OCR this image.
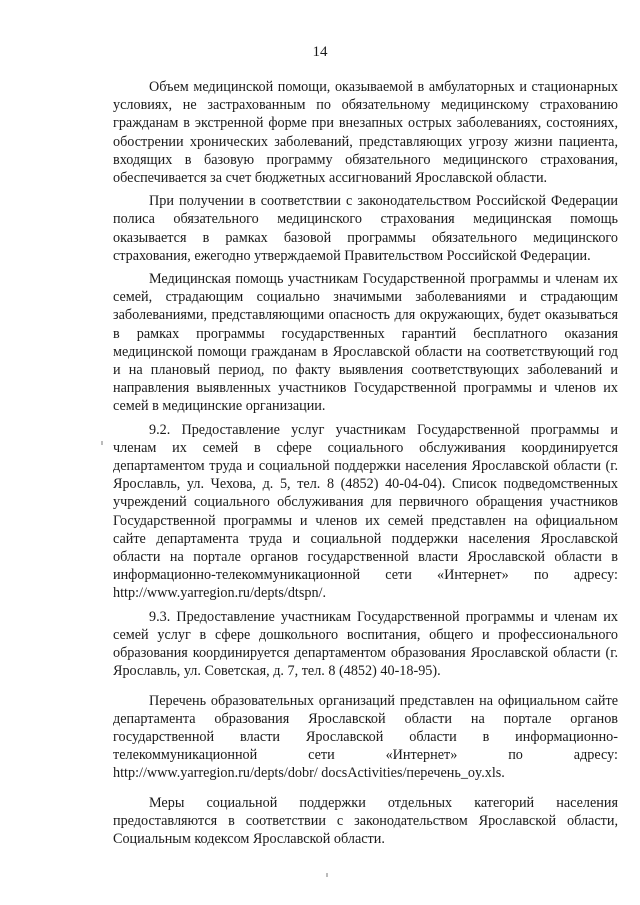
14

Объем медицинской помощи, оказываемой в амбулаторных и стационарных условиях, не застрахованным по обязательному медицинскому страхованию гражданам в экстренной форме при внезапных острых заболеваниях, состояниях, обострении хронических заболеваний, представляющих угрозу жизни пациента, входящих в базовую программу обязательного медицинского страхования, обеспечивается за счет бюджетных ассигнований Ярославской области.

При получении в соответствии с законодательством Российской Федерации полиса обязательного медицинского страхования медицинская помощь оказывается в рамках базовой программы обязательного медицинского страхования, ежегодно утверждаемой Правительством Российской Федерации.

Медицинская помощь участникам Государственной программы и членам их семей, страдающим социально значимыми заболеваниями и страдающим заболеваниями, представляющими опасность для окружающих, будет оказываться в рамках программы государственных гарантий бесплатного оказания медицинской помощи гражданам в Ярославской области на соответствующий год и на плановый период, по факту выявления соответствующих заболеваний и направления выявленных участников Государственной программы и членов их семей в медицинские организации.

9.2. Предоставление услуг участникам Государственной программы и членам их семей в сфере социального обслуживания координируется департаментом труда и социальной поддержки населения Ярославской области (г. Ярославль, ул. Чехова, д. 5, тел. 8 (4852) 40-04-04). Список подведомственных учреждений социального обслуживания для первичного обращения участников Государственной программы и членов их семей представлен на официальном сайте департамента труда и социальной поддержки населения Ярославской области на портале органов государственной власти Ярославской области в информационно-телекоммуникационной сети «Интернет» по адресу: http://www.yarregion.ru/depts/dtspn/.

9.3. Предоставление участникам Государственной программы и членам их семей услуг в сфере дошкольного воспитания, общего и профессионального образования координируется департаментом образования Ярославской области (г. Ярославль, ул. Советская, д. 7, тел. 8 (4852) 40-18-95).

Перечень образовательных организаций представлен на официальном сайте департамента образования Ярославской области на портале органов государственной власти Ярославской области в информационно-телекоммуникационной сети «Интернет» по адресу: http://www.yarregion.ru/depts/dobr/ docsActivities/перечень_oy.xls.

Меры социальной поддержки отдельных категорий населения предоставляются в соответствии с законодательством Ярославской области, Социальным кодексом Ярославской области.
